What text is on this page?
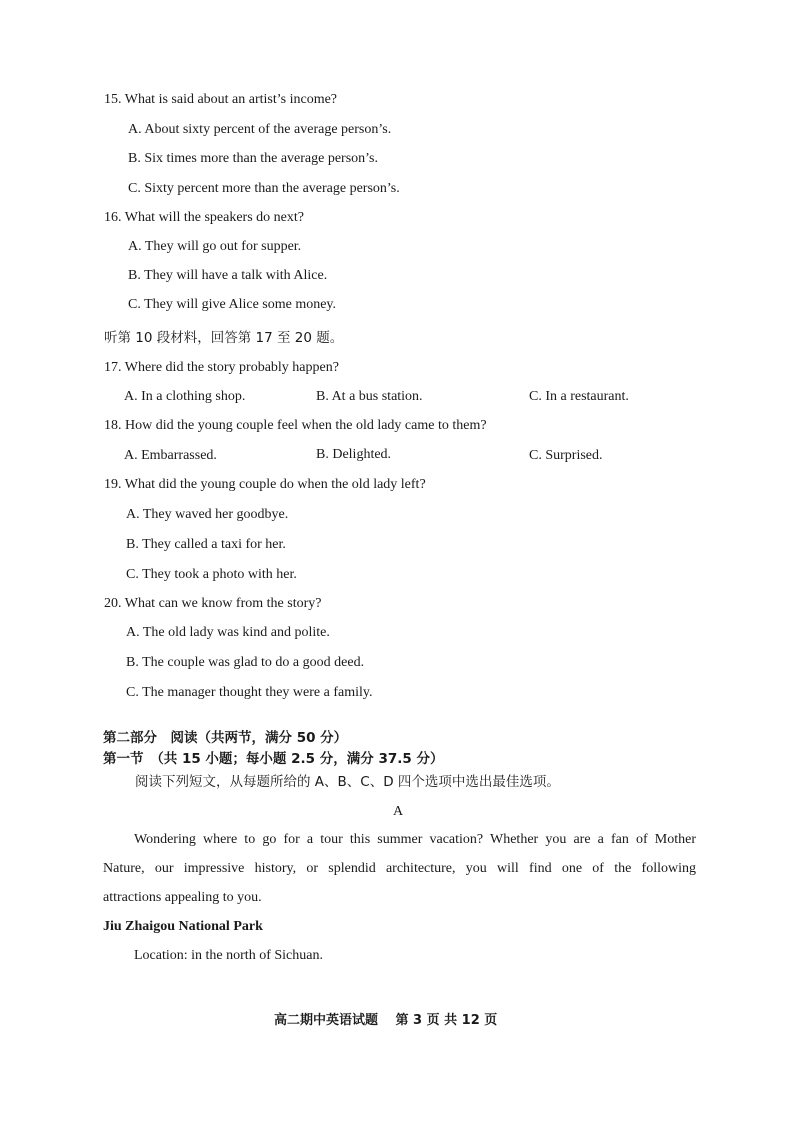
15. What is said about an artist’s income?
A. About sixty percent of the average person’s.
B. Six times more than the average person’s.
C. Sixty percent more than the average person’s.
16. What will the speakers do next?
A. They will go out for supper.
B. They will have a talk with Alice.
C. They will give Alice some money.
听第 10 段材料，回答第 17 至 20 题。
17. Where did the story probably happen?
A. In a clothing shop.	B. At a bus station.	C. In a restaurant.
18. How did the young couple feel when the old lady came to them?
A. Embarrassed.	B. Delighted.	C. Surprised.
19. What did the young couple do when the old lady left?
A. They waved her goodbye.
B. They called a taxi for her.
C. They took a photo with her.
20. What can we know from the story?
A. The old lady was kind and polite.
B. The couple was glad to do a good deed.
C. The manager thought they were a family.
第二部分　阅读（共两节，满分 50 分）
第一节　（共 15 小题；每小题 2.5 分，满分 37.5 分）
阅读下列短文，从每题所给的 A、B、C、D 四个选项中选出最佳选项。
A
Wondering where to go for a tour this summer vacation? Whether you are a fan of Mother
Nature, our impressive history, or splendid architecture, you will find one of the following
attractions appealing to you.
Jiu Zhaigou National Park
Location: in the north of Sichuan.
高二期中英语试题　 第 3 页 共 12 页
